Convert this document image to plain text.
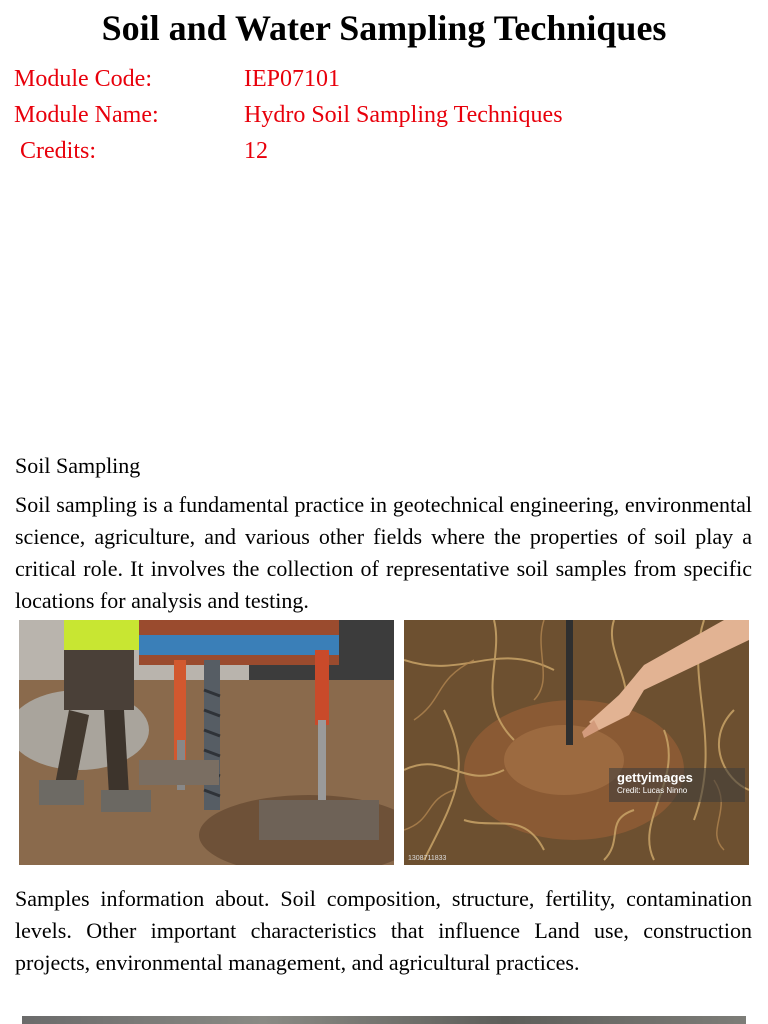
Soil and Water Sampling Techniques
Module Code:	IEP07101
Module Name:	Hydro Soil Sampling Techniques
Credits:	12
Soil Sampling

Soil sampling is a fundamental practice in geotechnical engineering, environmental science, agriculture, and various other fields where the properties of soil play a critical role. It involves the collection of representative soil samples from specific locations for analysis and testing.

gettyimages
Credit: Lucas Ninno
1308711833

Samples information about. Soil composition, structure, fertility, contamination levels. Other important characteristics that influence Land use, construction projects, environmental management, and agricultural practices.
